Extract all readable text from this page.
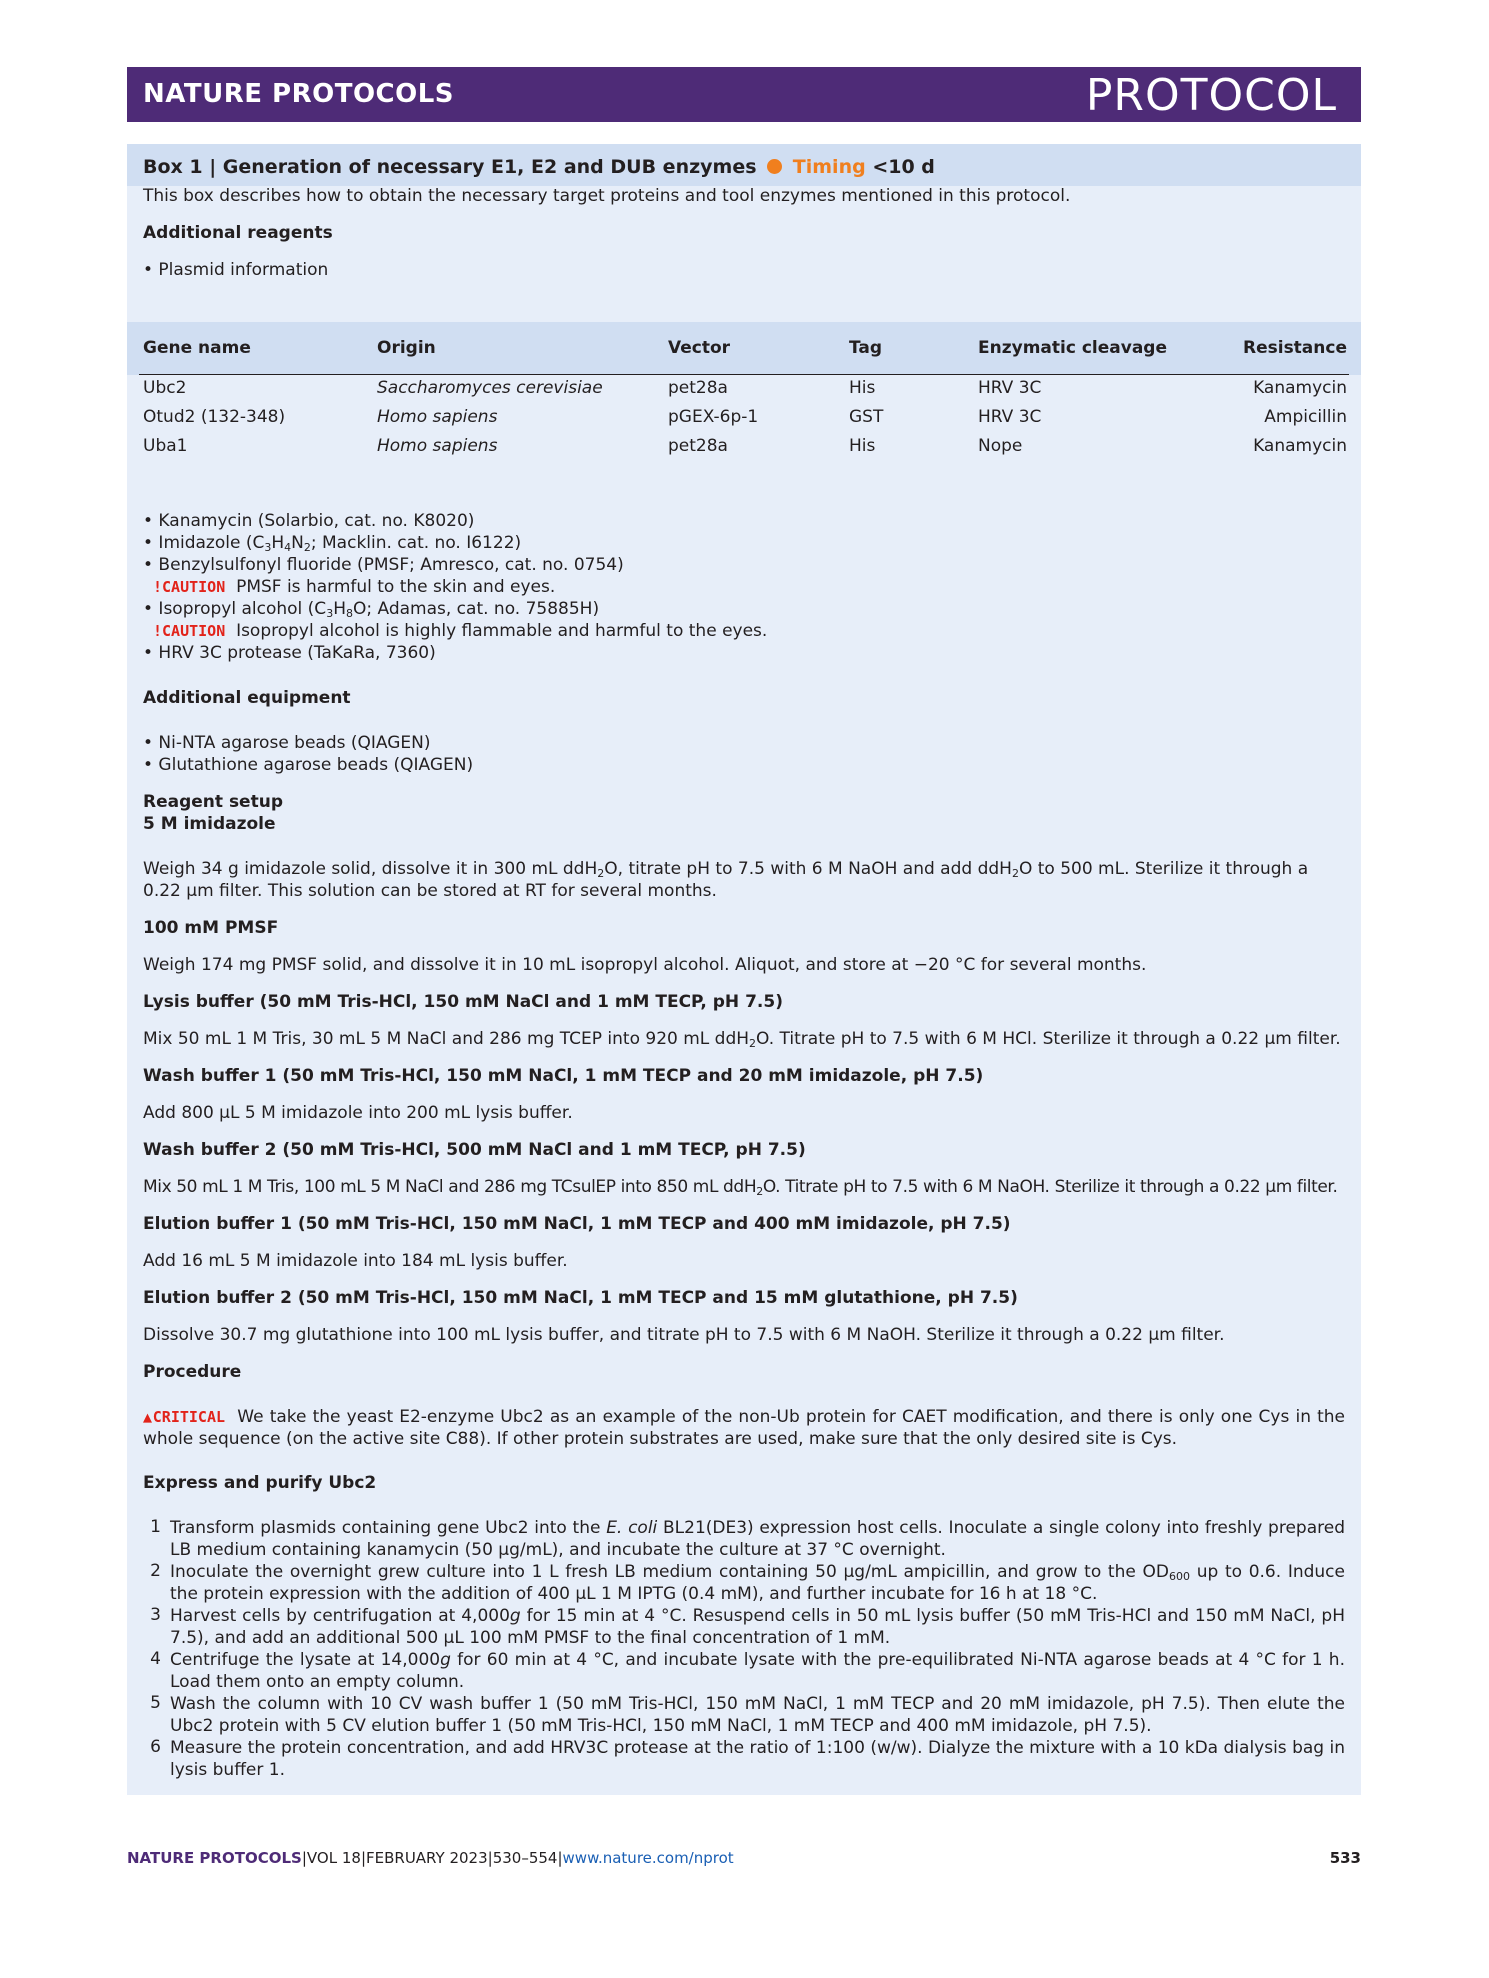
NATURE PROTOCOLS	PROTOCOL
Box 1 | Generation of necessary E1, E2 and DUB enzymes Timing <10 d
This box describes how to obtain the necessary target proteins and tool enzymes mentioned in this protocol.
Additional reagents
• Plasmid information
Gene name	Origin	Vector	Tag	Enzymatic cleavage	Resistance
Ubc2	Saccharomyces cerevisiae	pet28a	His	HRV 3C	Kanamycin
Otud2 (132-348)	Homo sapiens	pGEX-6p-1	GST	HRV 3C	Ampicillin
Uba1	Homo sapiens	pet28a	His	Nope	Kanamycin
• Kanamycin (Solarbio, cat. no. K8020)
• Imidazole ($C_3H_4N_2$; Macklin. cat. no. I6122)
• Benzylsulfonyl fluoride (PMSF; Amresco, cat. no. 0754)
!CAUTION PMSF is harmful to the skin and eyes.
• Isopropyl alcohol ($C_3H_8O$; Adamas, cat. no. 75885H)
!CAUTION Isopropyl alcohol is highly flammable and harmful to the eyes.
• HRV 3C protease (TaKaRa, 7360)
Additional equipment
• Ni-NTA agarose beads (QIAGEN)
• Glutathione agarose beads (QIAGEN)
Reagent setup
5 M imidazole
Weigh 34 g imidazole solid, dissolve it in 300 mL ddH$_2$O, titrate pH to 7.5 with 6 M NaOH and add ddH$_2$O to 500 mL. Sterilize it through a
0.22 μm filter. This solution can be stored at RT for several months.
100 mM PMSF
Weigh 174 mg PMSF solid, and dissolve it in 10 mL isopropyl alcohol. Aliquot, and store at −20 °C for several months.
Lysis buffer (50 mM Tris-HCl, 150 mM NaCl and 1 mM TECP, pH 7.5)
Mix 50 mL 1 M Tris, 30 mL 5 M NaCl and 286 mg TCEP into 920 mL ddH$_2$O. Titrate pH to 7.5 with 6 M HCl. Sterilize it through a 0.22 μm filter.
Wash buffer 1 (50 mM Tris-HCl, 150 mM NaCl, 1 mM TECP and 20 mM imidazole, pH 7.5)
Add 800 μL 5 M imidazole into 200 mL lysis buffer.
Wash buffer 2 (50 mM Tris-HCl, 500 mM NaCl and 1 mM TECP, pH 7.5)
Mix 50 mL 1 M Tris, 100 mL 5 M NaCl and 286 mg TCsulEP into 850 mL ddH$_2$O. Titrate pH to 7.5 with 6 M NaOH. Sterilize it through a 0.22 μm filter.
Elution buffer 1 (50 mM Tris-HCl, 150 mM NaCl, 1 mM TECP and 400 mM imidazole, pH 7.5)
Add 16 mL 5 M imidazole into 184 mL lysis buffer.
Elution buffer 2 (50 mM Tris-HCl, 150 mM NaCl, 1 mM TECP and 15 mM glutathione, pH 7.5)
Dissolve 30.7 mg glutathione into 100 mL lysis buffer, and titrate pH to 7.5 with 6 M NaOH. Sterilize it through a 0.22 μm filter.
Procedure
▲CRITICAL We take the yeast E2-enzyme Ubc2 as an example of the non-Ub protein for CAET modification, and there is only one Cys in the whole sequence (on the active site C88). If other protein substrates are used, make sure that the only desired site is Cys.
Express and purify Ubc2
1 Transform plasmids containing gene Ubc2 into the E. coli BL21(DE3) expression host cells. Inoculate a single colony into freshly prepared LB medium containing kanamycin (50 μg/mL), and incubate the culture at 37 °C overnight.
2 Inoculate the overnight grew culture into 1 L fresh LB medium containing 50 μg/mL ampicillin, and grow to the $OD_{600}$ up to 0.6. Induce the protein expression with the addition of 400 μL 1 M IPTG (0.4 mM), and further incubate for 16 h at 18 °C.
3 Harvest cells by centrifugation at 4,000g for 15 min at 4 °C. Resuspend cells in 50 mL lysis buffer (50 mM Tris-HCl and 150 mM NaCl, pH 7.5), and add an additional 500 μL 100 mM PMSF to the final concentration of 1 mM.
4 Centrifuge the lysate at 14,000g for 60 min at 4 °C, and incubate lysate with the pre-equilibrated Ni-NTA agarose beads at 4 °C for 1 h. Load them onto an empty column.
5 Wash the column with 10 CV wash buffer 1 (50 mM Tris-HCl, 150 mM NaCl, 1 mM TECP and 20 mM imidazole, pH 7.5). Then elute the Ubc2 protein with 5 CV elution buffer 1 (50 mM Tris-HCl, 150 mM NaCl, 1 mM TECP and 400 mM imidazole, pH 7.5).
6 Measure the protein concentration, and add HRV3C protease at the ratio of 1:100 (w/w). Dialyze the mixture with a 10 kDa dialysis bag in lysis buffer 1.
NATURE PROTOCOLS|VOL 18|FEBRUARY 2023|530–554|www.nature.com/nprot	533
